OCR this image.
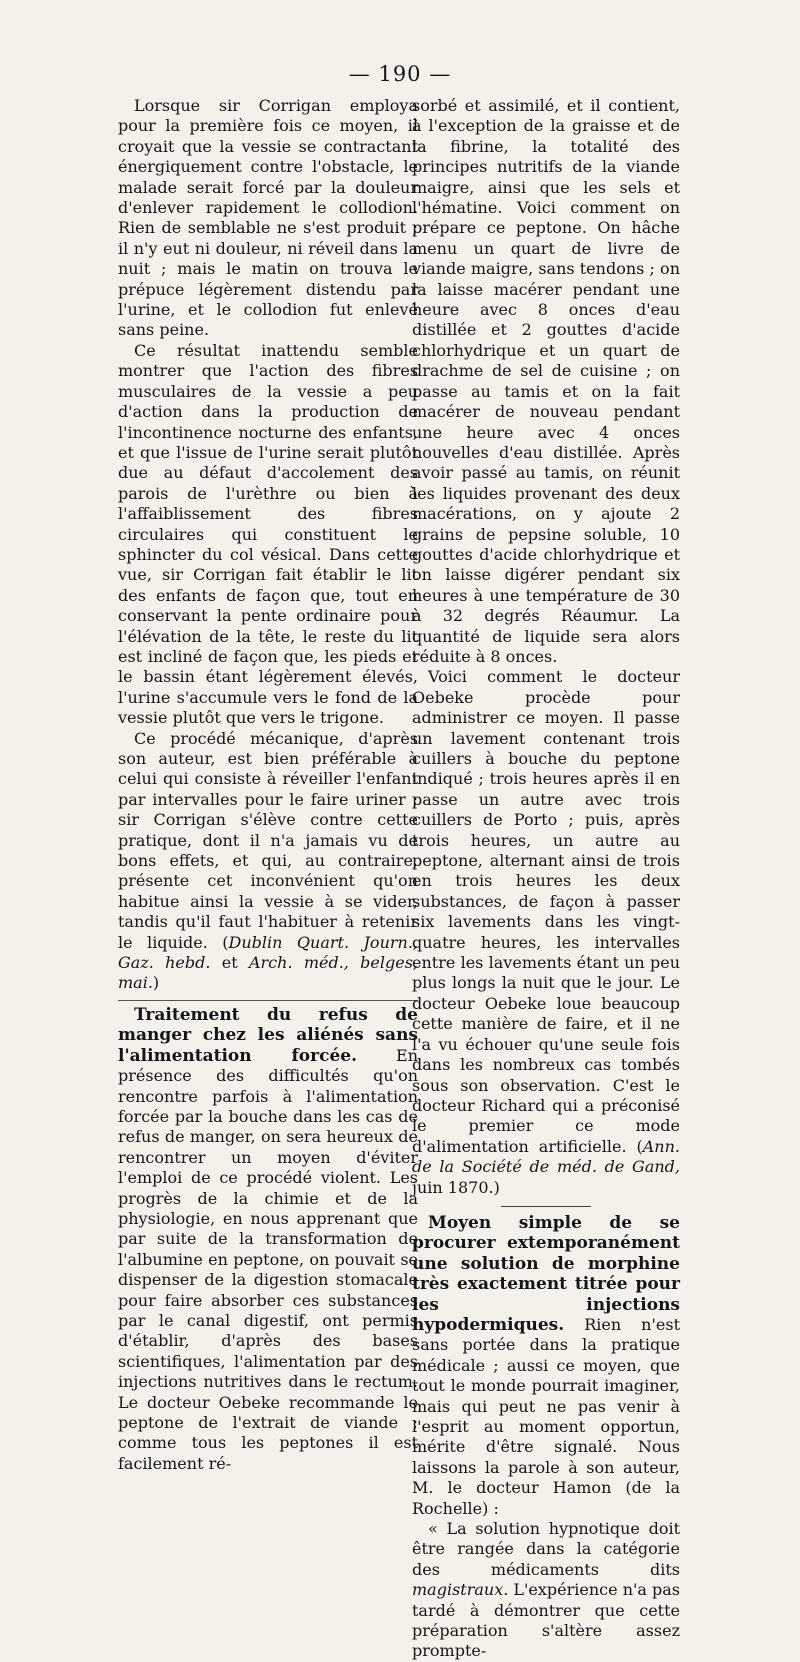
— 190 —

Lorsque sir Corrigan employa pour la première fois ce moyen, il croyait que la vessie se contractant énergiquement contre l'obstacle, le malade serait forcé par la douleur d'enlever rapidement le collodion. Rien de semblable ne s'est produit ; il n'y eut ni douleur, ni réveil dans la nuit ; mais le matin on trouva le prépuce légèrement distendu par l'urine, et le collodion fut enlevé sans peine.

Ce résultat inattendu semble montrer que l'action des fibres musculaires de la vessie a peu d'action dans la production de l'incontinence nocturne des enfants, et que l'issue de l'urine serait plutôt due au défaut d'accolement des parois de l'urèthre ou bien à l'affaiblissement des fibres circulaires qui constituent le sphincter du col vésical. Dans cette vue, sir Corrigan fait établir le lit des enfants de façon que, tout en conservant la pente ordinaire pour l'élévation de la tête, le reste du lit est incliné de façon que, les pieds et le bassin étant légèrement élevés, l'urine s'accumule vers le fond de la vessie plutôt que vers le trigone.

Ce procédé mécanique, d'après son auteur, est bien préférable à celui qui consiste à réveiller l'enfant par intervalles pour le faire uriner ; sir Corrigan s'élève contre cette pratique, dont il n'a jamais vu de bons effets, et qui, au contraire, présente cet inconvénient qu'on habitue ainsi la vessie à se vider, tandis qu'il faut l'habituer à retenir le liquide. (Dublin Quart. Journ., Gaz. hebd. et Arch. méd., belges, mai.)

Traitement du refus de manger chez les aliénés sans l'alimentation forcée. En présence des difficultés qu'on rencontre parfois à l'alimentation forcée par la bouche dans les cas de refus de manger, on sera heureux de rencontrer un moyen d'éviter l'emploi de ce procédé violent. Les progrès de la chimie et de la physiologie, en nous apprenant que par suite de la transformation de l'albumine en peptone, on pouvait se dispenser de la digestion stomacale pour faire absorber ces substances par le canal digestif, ont permis d'établir, d'après des bases scientifiques, l'alimentation par des injections nutritives dans le rectum. Le docteur Oebeke recommande le peptone de l'extrait de viande ; comme tous les peptones il est facilement ré-

sorbé et assimilé, et il contient, à l'exception de la graisse et de la fibrine, la totalité des principes nutritifs de la viande maigre, ainsi que les sels et l'hématine. Voici comment on prépare ce peptone. On hâche menu un quart de livre de viande maigre, sans tendons ; on la laisse macérer pendant une heure avec 8 onces d'eau distillée et 2 gouttes d'acide chlorhydrique et un quart de drachme de sel de cuisine ; on passe au tamis et on la fait macérer de nouveau pendant une heure avec 4 onces nouvelles d'eau distillée. Après avoir passé au tamis, on réunit les liquides provenant des deux macérations, on y ajoute 2 grains de pepsine soluble, 10 gouttes d'acide chlorhydrique et on laisse digérer pendant six heures à une température de 30 à 32 degrés Réaumur. La quantité de liquide sera alors réduite à 8 onces.

Voici comment le docteur Oebeke procède pour administrer ce moyen. Il passe un lavement contenant trois cuillers à bouche du peptone indiqué ; trois heures après il en passe un autre avec trois cuillers de Porto ; puis, après trois heures, un autre au peptone, alternant ainsi de trois en trois heures les deux substances, de façon à passer six lavements dans les vingt-quatre heures, les intervalles entre les lavements étant un peu plus longs la nuit que le jour. Le docteur Oebeke loue beaucoup cette manière de faire, et il ne l'a vu échouer qu'une seule fois dans les nombreux cas tombés sous son observation. C'est le docteur Richard qui a préconisé le premier ce mode d'alimentation artificielle. (Ann. de la Société de méd. de Gand, juin 1870.)

Moyen simple de se procurer extemporanément une solution de morphine très exactement titrée pour les injections hypodermiques. Rien n'est sans portée dans la pratique médicale ; aussi ce moyen, que tout le monde pourrait imaginer, mais qui peut ne pas venir à l'esprit au moment opportun, mérite d'être signalé. Nous laissons la parole à son auteur, M. le docteur Hamon (de la Rochelle) :

« La solution hypnotique doit être rangée dans la catégorie des médicaments dits magistraux. L'expérience n'a pas tardé à démontrer que cette préparation s'altère assez prompte-
